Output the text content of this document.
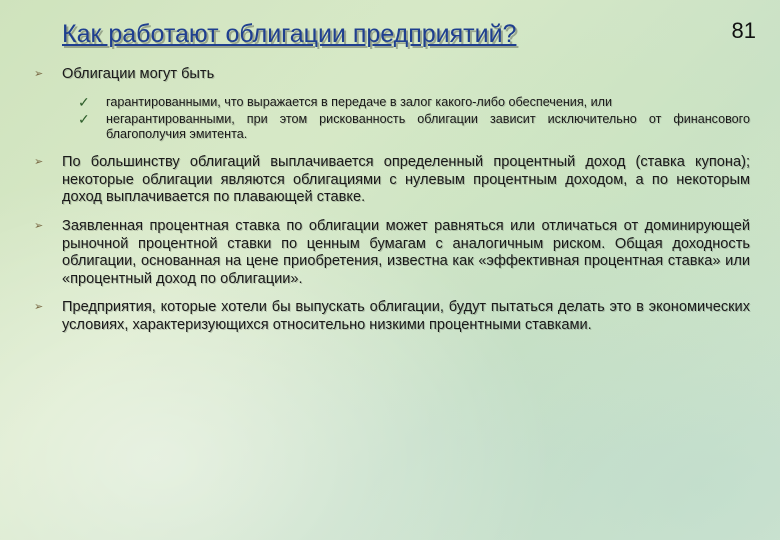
Как работают облигации предприятий?	81
➢ Облигации могут быть
✓ гарантированными, что выражается в передаче в залог какого-либо обеспечения, или
✓ негарантированными, при этом рискованность облигации зависит исключительно от финансового благополучия эмитента.
➢ По большинству облигаций выплачивается определенный процентный доход (ставка купона); некоторые облигации являются облигациями с нулевым процентным доходом, а по некоторым доход выплачивается по плавающей ставке.
➢ Заявленная процентная ставка по облигации может равняться или отличаться от доминирующей рыночной процентной ставки по ценным бумагам с аналогичным риском. Общая доходность облигации, основанная на цене приобретения, известна как «эффективная процентная ставка» или «процентный доход по облигации».
➢ Предприятия, которые хотели бы выпускать облигации, будут пытаться делать это в экономических условиях, характеризующихся относительно низкими процентными ставками.
